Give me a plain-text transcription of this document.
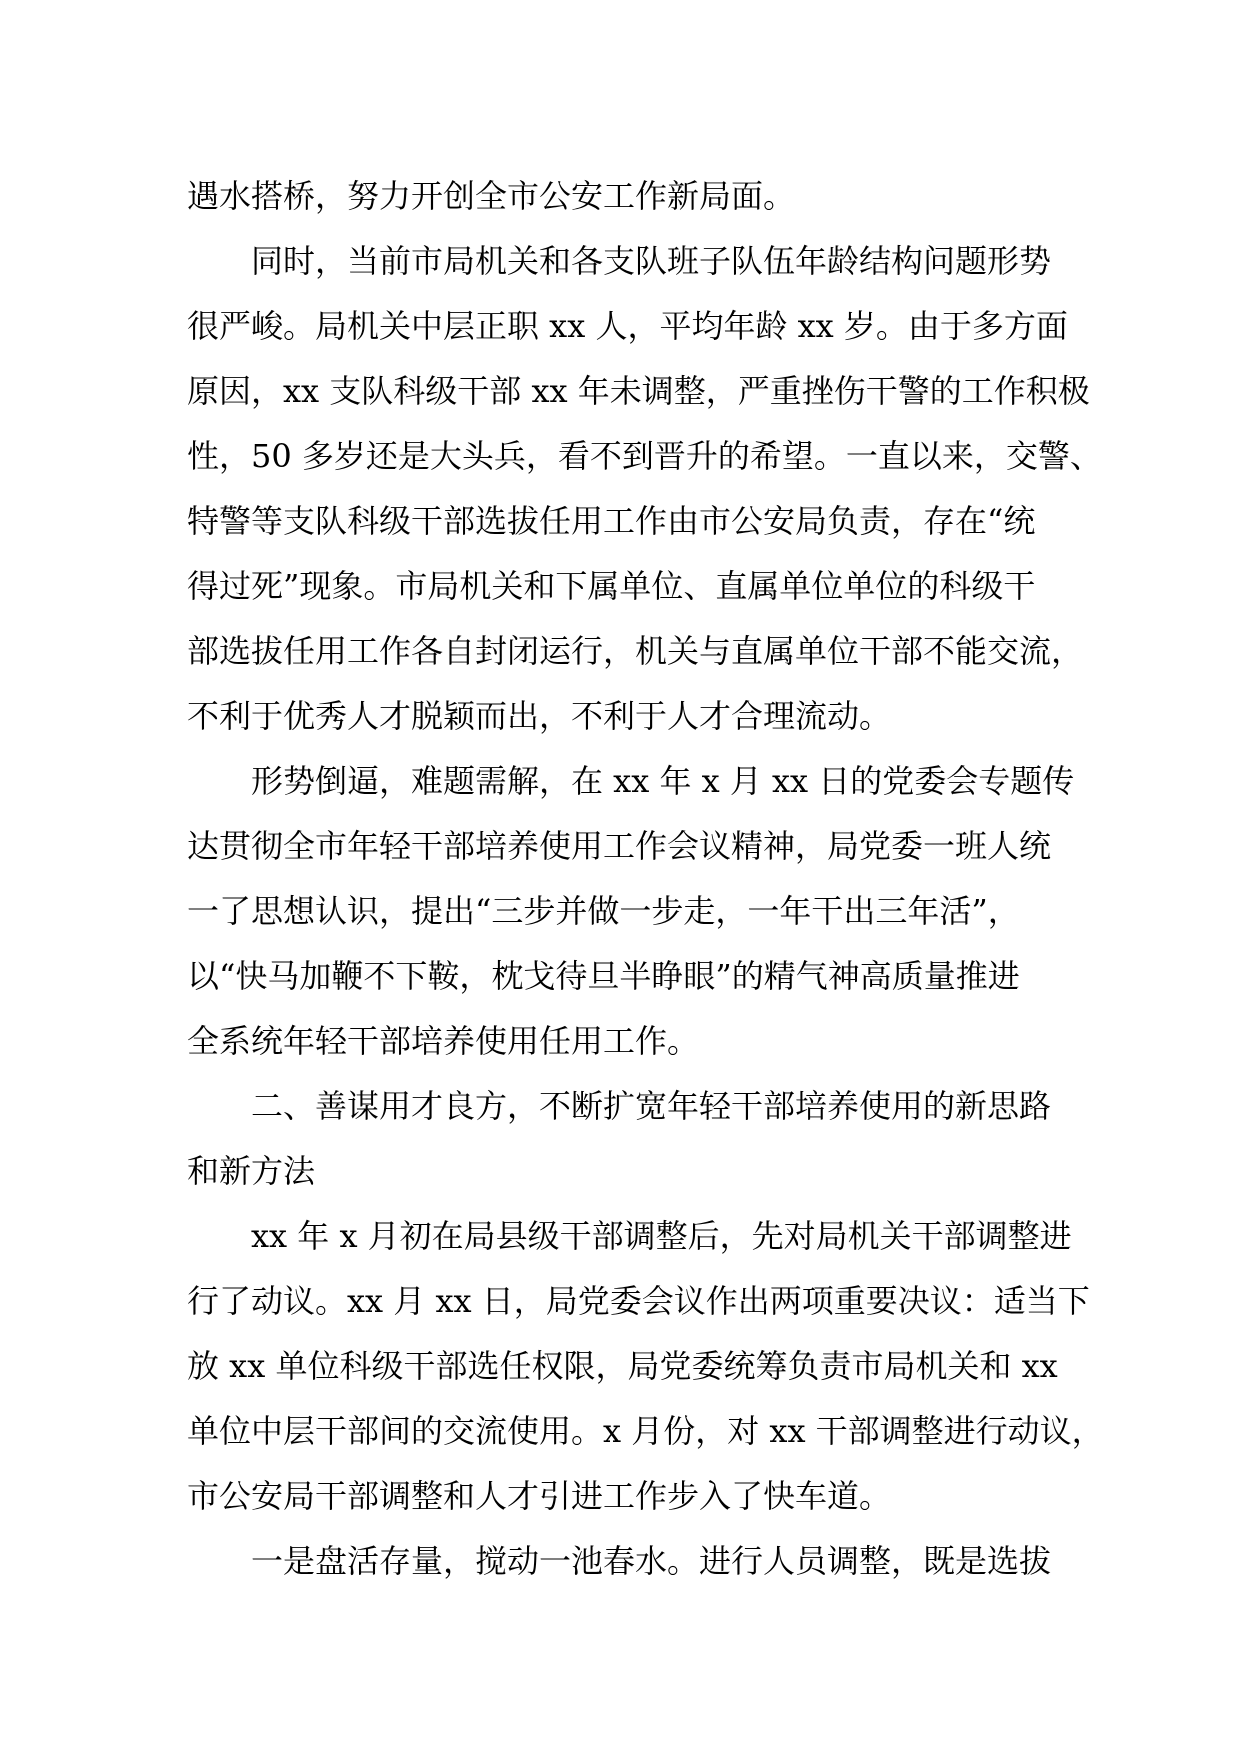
遇水搭桥，努力开创全市公安工作新局面。
同时，当前市局机关和各支队班子队伍年龄结构问题形势
很严峻。局机关中层正职 xx 人，平均年龄 xx 岁。由于多方面
原因，xx 支队科级干部 xx 年未调整，严重挫伤干警的工作积极
性，50 多岁还是大头兵，看不到晋升的希望。一直以来，交警、
特警等支队科级干部选拔任用工作由市公安局负责，存在“统
得过死”现象。市局机关和下属单位、直属单位单位的科级干
部选拔任用工作各自封闭运行，机关与直属单位干部不能交流，
不利于优秀人才脱颖而出，不利于人才合理流动。
形势倒逼，难题需解，在 xx 年 x 月 xx 日的党委会专题传
达贯彻全市年轻干部培养使用工作会议精神，局党委一班人统
一了思想认识，提出“三步并做一步走，一年干出三年活”，
以“快马加鞭不下鞍，枕戈待旦半睁眼”的精气神高质量推进
全系统年轻干部培养使用任用工作。
二、善谋用才良方，不断扩宽年轻干部培养使用的新思路
和新方法
xx 年 x 月初在局县级干部调整后，先对局机关干部调整进
行了动议。xx 月 xx 日，局党委会议作出两项重要决议：适当下
放 xx 单位科级干部选任权限，局党委统筹负责市局机关和 xx
单位中层干部间的交流使用。x 月份，对 xx 干部调整进行动议，
市公安局干部调整和人才引进工作步入了快车道。
一是盘活存量，搅动一池春水。进行人员调整，既是选拔
